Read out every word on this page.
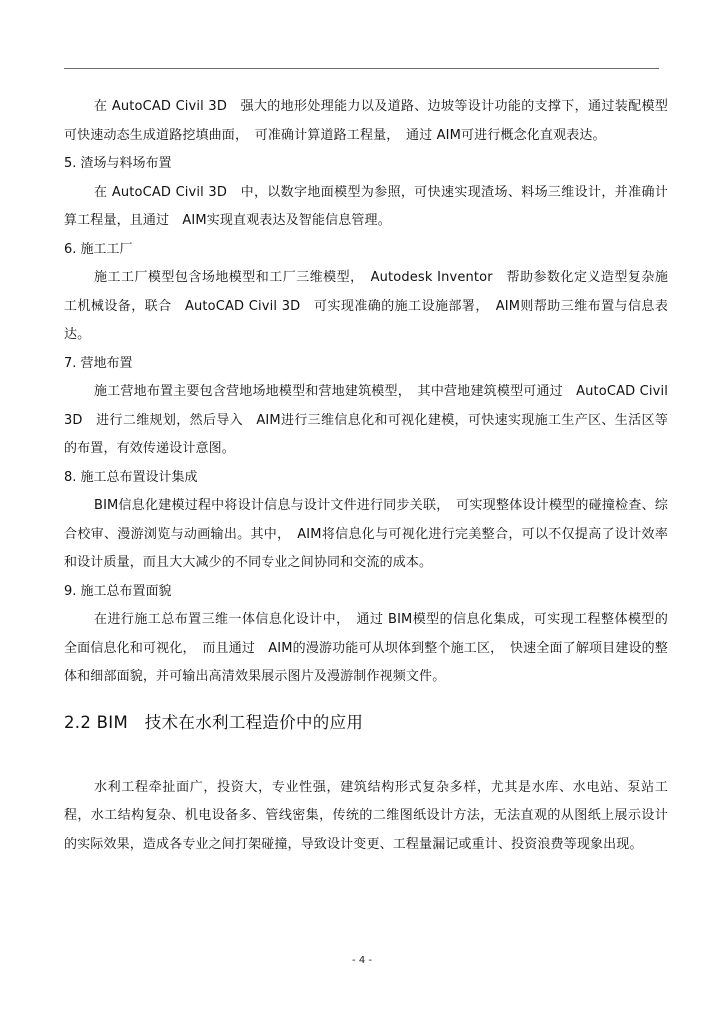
在 AutoCAD Civil 3D　强大的地形处理能力以及道路、边坡等设计功能的支撑下，通过装配模型可快速动态生成道路挖填曲面，　可准确计算道路工程量，　通过 AIM可进行概念化直观表达。

5. 渣场与料场布置

在 AutoCAD Civil 3D　中，以数字地面模型为参照，可快速实现渣场、料场三维设计，并准确计算工程量，且通过　AIM实现直观表达及智能信息管理。

6. 施工工厂

施工工厂模型包含场地模型和工厂三维模型，　Autodesk Inventor　帮助参数化定义造型复杂施工机械设备，联合　AutoCAD Civil 3D　可实现准确的施工设施部署，　AIM则帮助三维布置与信息表达。

7. 营地布置

施工营地布置主要包含营地场地模型和营地建筑模型，　其中营地建筑模型可通过　AutoCAD Civil 3D　进行二维规划，然后导入　AIM进行三维信息化和可视化建模，可快速实现施工生产区、生活区等的布置，有效传递设计意图。

8. 施工总布置设计集成

BIM信息化建模过程中将设计信息与设计文件进行同步关联，　可实现整体设计模型的碰撞检查、综合校审、漫游浏览与动画输出。其中，　AIM将信息化与可视化进行完美整合，可以不仅提高了设计效率和设计质量，而且大大减少的不同专业之间协同和交流的成本。

9. 施工总布置面貌

在进行施工总布置三维一体信息化设计中，　通过 BIM模型的信息化集成，可实现工程整体模型的全面信息化和可视化，　而且通过　AIM的漫游功能可从坝体到整个施工区，　快速全面了解项目建设的整体和细部面貌，并可输出高清效果展示图片及漫游制作视频文件。

2.2 BIM　技术在水利工程造价中的应用

水利工程牵扯面广，投资大，专业性强，建筑结构形式复杂多样，尤其是水库、水电站、泵站工程，水工结构复杂、机电设备多、管线密集，传统的二维图纸设计方法，无法直观的从图纸上展示设计的实际效果，造成各专业之间打架碰撞，导致设计变更、工程量漏记或重计、投资浪费等现象出现。

- 4 -
